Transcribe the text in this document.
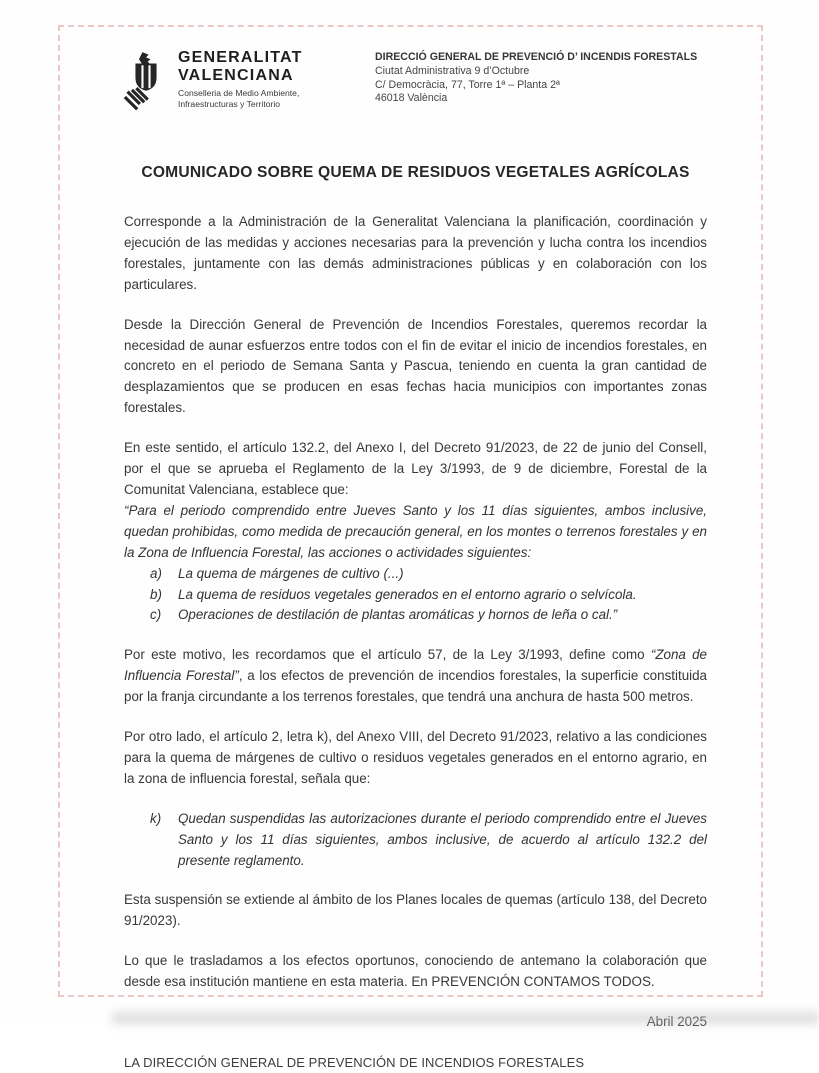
GENERALITAT
VALENCIANA
Conselleria de Medio Ambiente,
Infraestructuras y Territorio
DIRECCIÓ GENERAL DE PREVENCIÓ D’ INCENDIS FORESTALS
Ciutat Administrativa 9 d’Octubre
C/ Democràcia, 77, Torre 1ª – Planta 2ª
46018 València
COMUNICADO SOBRE QUEMA DE RESIDUOS VEGETALES AGRÍCOLAS

Corresponde a la Administración de la Generalitat Valenciana la planificación, coordinación y ejecución de las medidas y acciones necesarias para la prevención y lucha contra los incendios forestales, juntamente con las demás administraciones públicas y en colaboración con los particulares.

Desde la Dirección General de Prevención de Incendios Forestales, queremos recordar la necesidad de aunar esfuerzos entre todos con el fin de evitar el inicio de incendios forestales, en concreto en el periodo de Semana Santa y Pascua, teniendo en cuenta la gran cantidad de desplazamientos que se producen en esas fechas hacia municipios con importantes zonas forestales.

En este sentido, el artículo 132.2, del Anexo I, del Decreto 91/2023, de 22 de junio del Consell, por el que se aprueba el Reglamento de la Ley 3/1993, de 9 de diciembre, Forestal de la Comunitat Valenciana, establece que:

“Para el periodo comprendido entre Jueves Santo y los 11 días siguientes, ambos inclusive, quedan prohibidas, como medida de precaución general, en los montes o terrenos forestales y en la Zona de Influencia Forestal, las acciones o actividades siguientes:

a)	La quema de márgenes de cultivo (...)
b)	La quema de residuos vegetales generados en el entorno agrario o selvícola.
c)	Operaciones de destilación de plantas aromáticas y hornos de leña o cal.”

Por este motivo, les recordamos que el artículo 57, de la Ley 3/1993, define como “Zona de Influencia Forestal”, a los efectos de prevención de incendios forestales, la superficie constituida por la franja circundante a los terrenos forestales, que tendrá una anchura de hasta 500 metros.

Por otro lado, el artículo 2, letra k), del Anexo VIII, del Decreto 91/2023, relativo a las condiciones para la quema de márgenes de cultivo o residuos vegetales generados en el entorno agrario, en la zona de influencia forestal, señala que:

k)	Quedan suspendidas las autorizaciones durante el periodo comprendido entre el Jueves Santo y los 11 días siguientes, ambos inclusive, de acuerdo al artículo 132.2 del presente reglamento.

Esta suspensión se extiende al ámbito de los Planes locales de quemas (artículo 138, del Decreto 91/2023).

Lo que le trasladamos a los efectos oportunos, conociendo de antemano la colaboración que desde esa institución mantiene en esta materia. En PREVENCIÓN CONTAMOS TODOS.

LA DIRECCIÓN GENERAL DE PREVENCIÓN DE INCENDIOS FORESTALES
